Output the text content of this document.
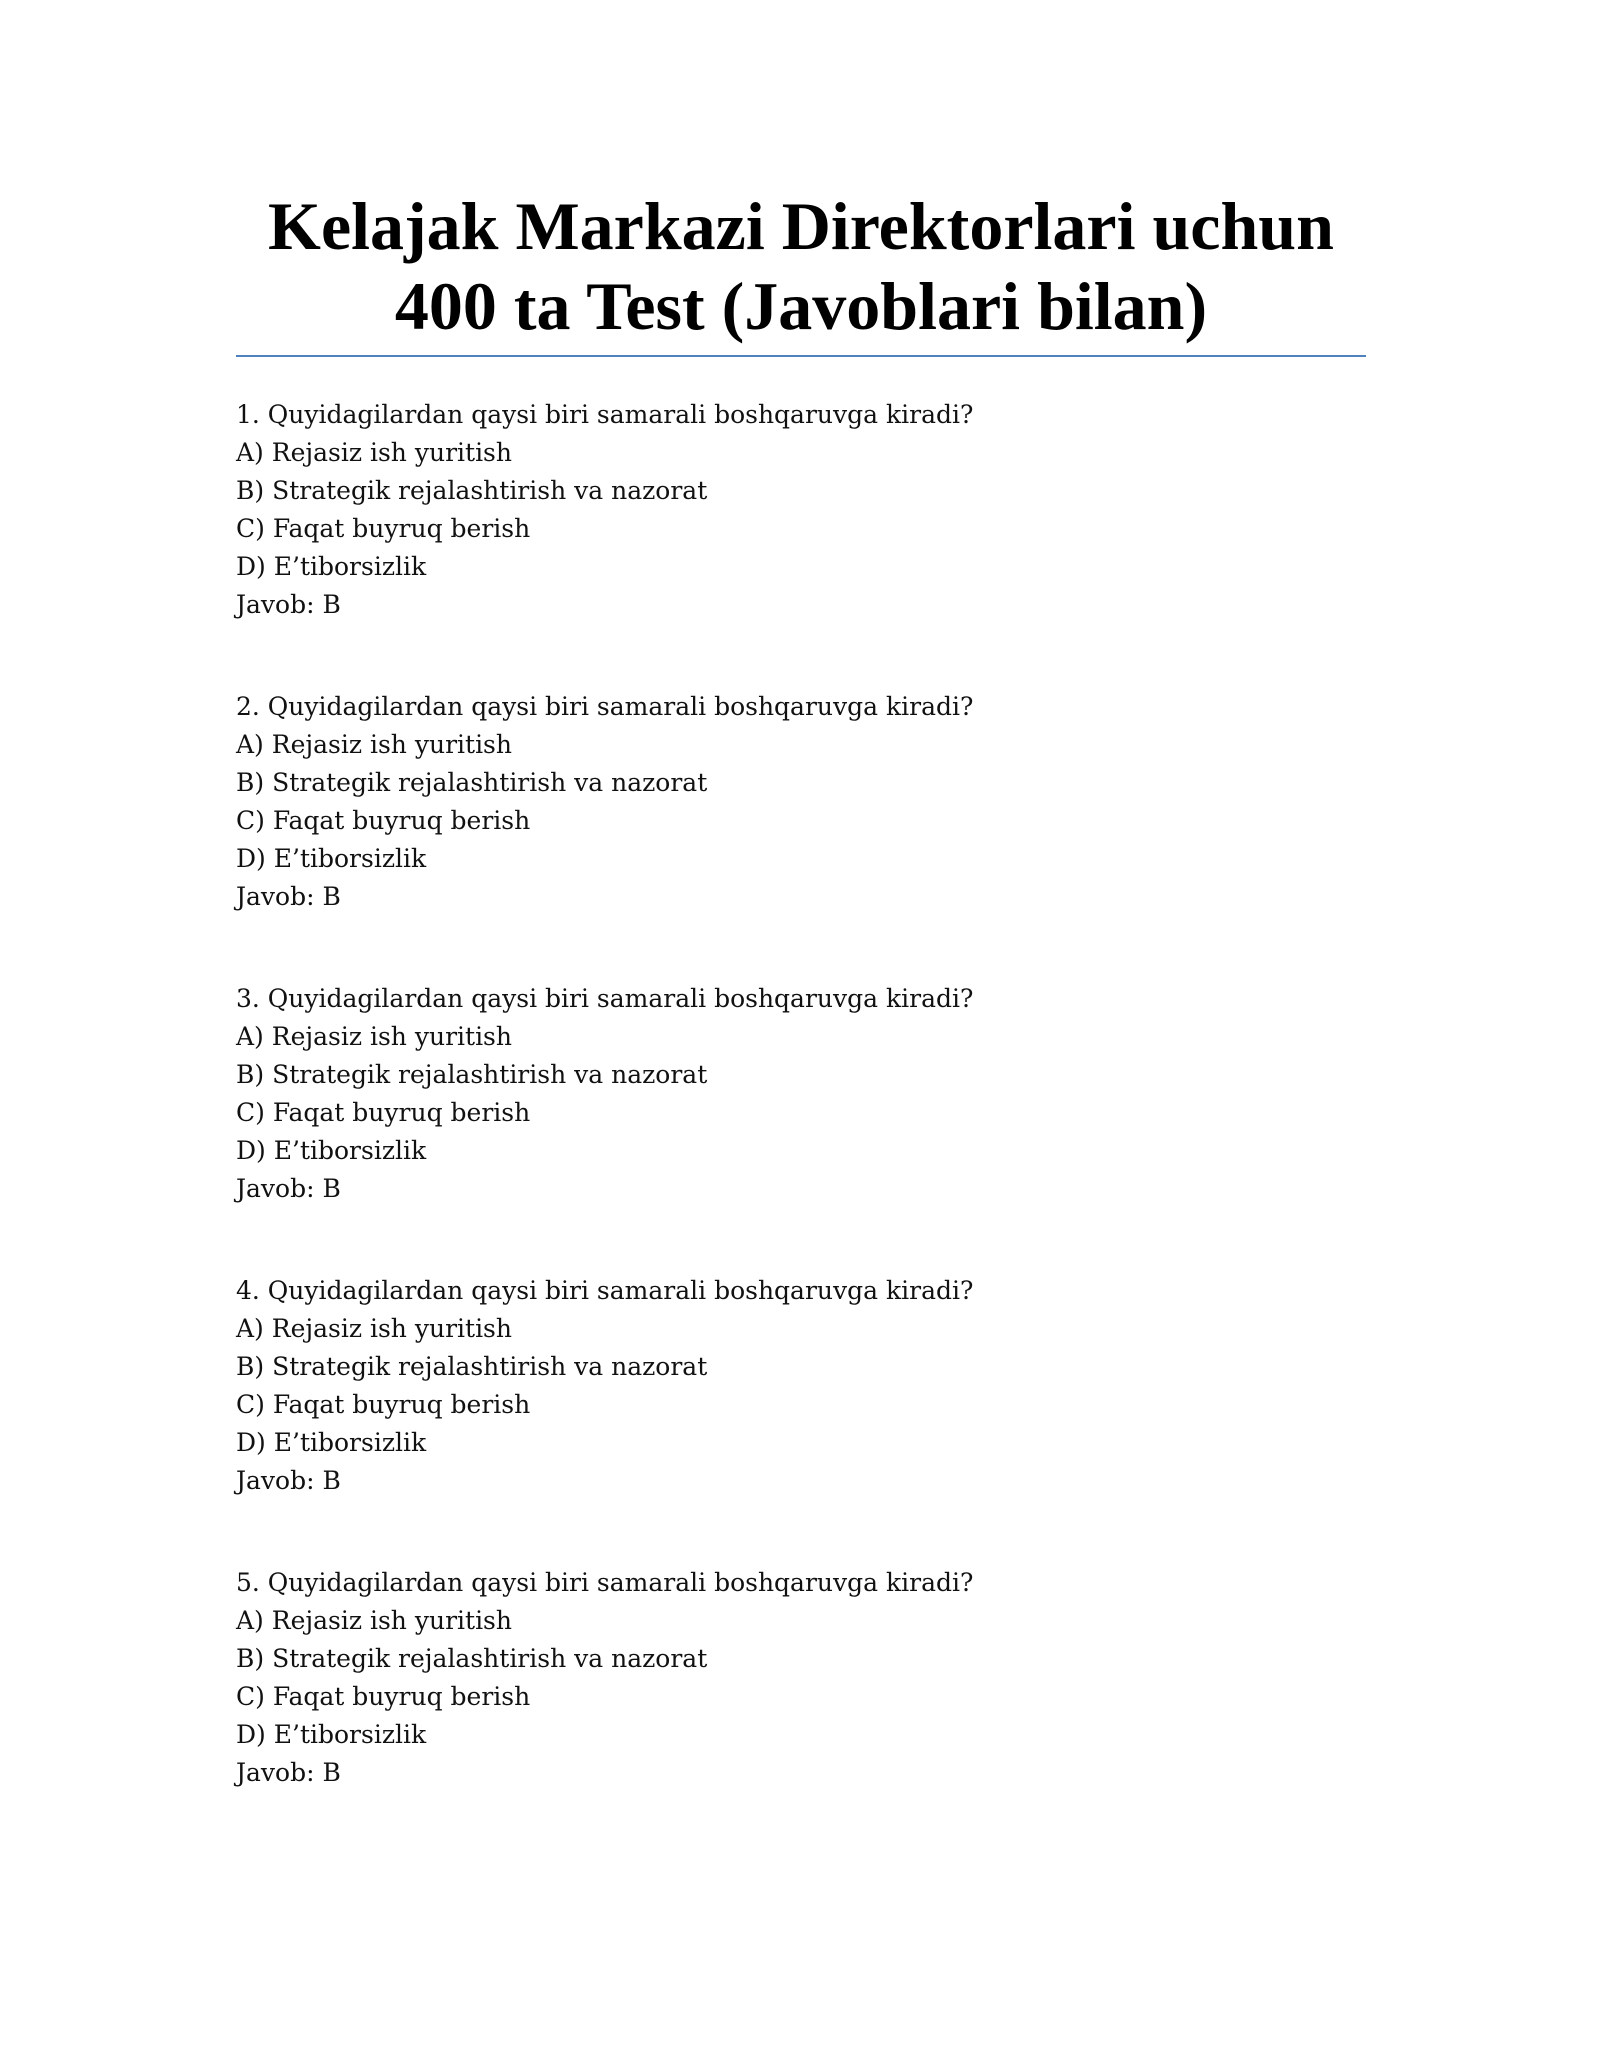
Kelajak Markazi Direktorlari uchun
400 ta Test (Javoblari bilan)
1. Quyidagilardan qaysi biri samarali boshqaruvga kiradi?
A) Rejasiz ish yuritish
B) Strategik rejalashtirish va nazorat
C) Faqat buyruq berish
D) E’tiborsizlik
Javob: B
2. Quyidagilardan qaysi biri samarali boshqaruvga kiradi?
A) Rejasiz ish yuritish
B) Strategik rejalashtirish va nazorat
C) Faqat buyruq berish
D) E’tiborsizlik
Javob: B
3. Quyidagilardan qaysi biri samarali boshqaruvga kiradi?
A) Rejasiz ish yuritish
B) Strategik rejalashtirish va nazorat
C) Faqat buyruq berish
D) E’tiborsizlik
Javob: B
4. Quyidagilardan qaysi biri samarali boshqaruvga kiradi?
A) Rejasiz ish yuritish
B) Strategik rejalashtirish va nazorat
C) Faqat buyruq berish
D) E’tiborsizlik
Javob: B
5. Quyidagilardan qaysi biri samarali boshqaruvga kiradi?
A) Rejasiz ish yuritish
B) Strategik rejalashtirish va nazorat
C) Faqat buyruq berish
D) E’tiborsizlik
Javob: B
